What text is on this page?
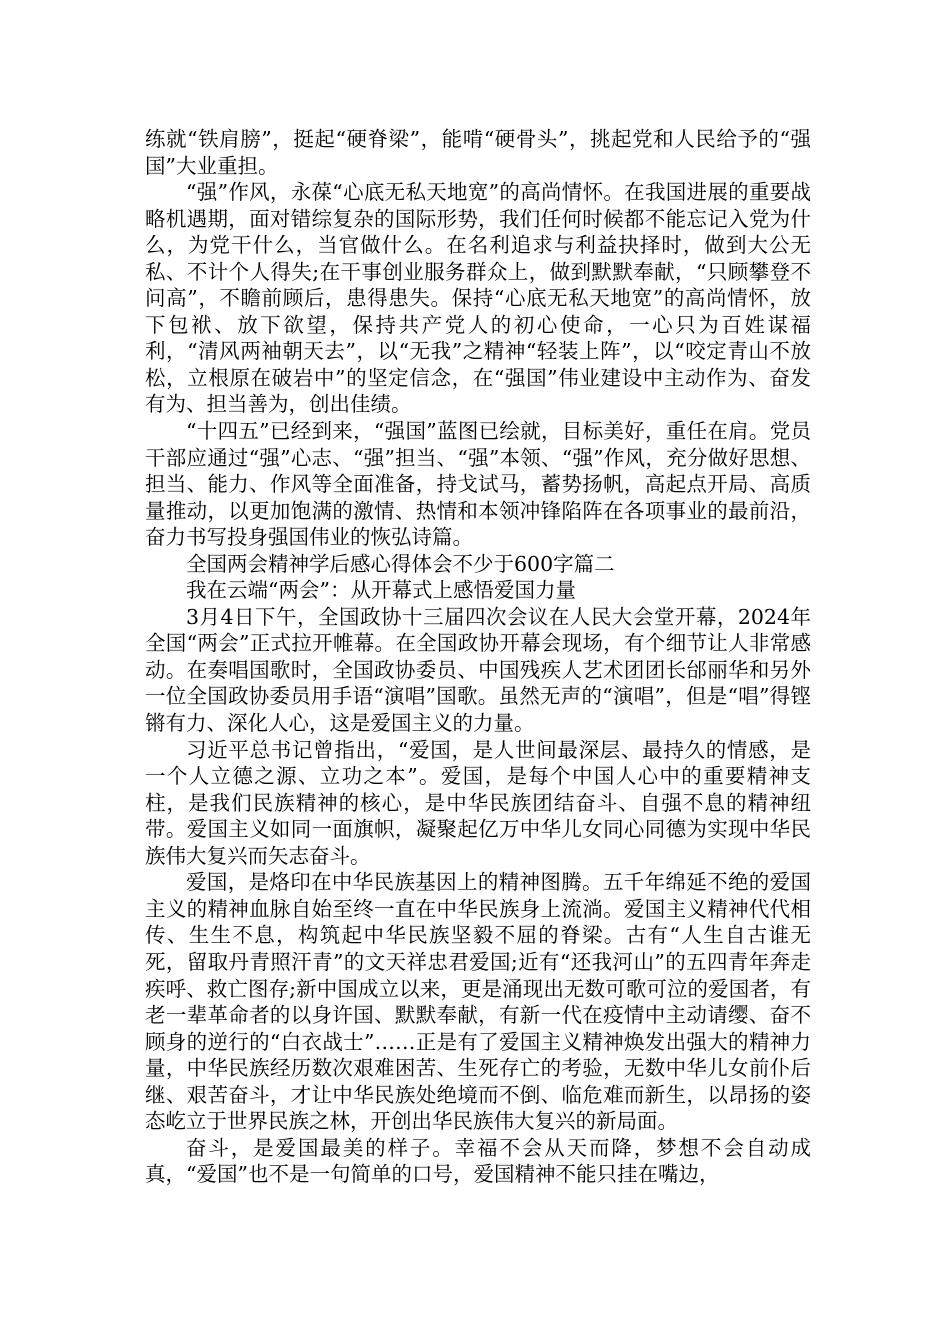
练就“铁肩膀”，挺起“硬脊梁”，能啃“硬骨头”，挑起党和人民给予的“强国”大业重担。

“强”作风，永葆“心底无私天地宽”的高尚情怀。在我国进展的重要战略机遇期，面对错综复杂的国际形势，我们任何时候都不能忘记入党为什么，为党干什么，当官做什么。在名利追求与利益抉择时，做到大公无私、不计个人得失;在干事创业服务群众上，做到默默奉献，“只顾攀登不问高”，不瞻前顾后，患得患失。保持“心底无私天地宽”的高尚情怀，放下包袱、放下欲望，保持共产党人的初心使命，一心只为百姓谋福利，“清风两袖朝天去”，以“无我”之精神“轻装上阵”，以“咬定青山不放松，立根原在破岩中”的坚定信念，在“强国”伟业建设中主动作为、奋发有为、担当善为，创出佳绩。

“十四五”已经到来，“强国”蓝图已绘就，目标美好，重任在肩。党员干部应通过“强”心志、“强”担当、“强”本领、“强”作风，充分做好思想、担当、能力、作风等全面准备，持戈试马，蓄势扬帆，高起点开局、高质量推动，以更加饱满的激情、热情和本领冲锋陷阵在各项事业的最前沿，奋力书写投身强国伟业的恢弘诗篇。

全国两会精神学后感心得体会不少于600字篇二

我在云端“两会”：从开幕式上感悟爱国力量

3月4日下午，全国政协十三届四次会议在人民大会堂开幕，2024年全国“两会”正式拉开帷幕。在全国政协开幕会现场，有个细节让人非常感动。在奏唱国歌时，全国政协委员、中国残疾人艺术团团长邰丽华和另外一位全国政协委员用手语“演唱”国歌。虽然无声的“演唱”，但是“唱”得铿锵有力、深化人心，这是爱国主义的力量。

习近平总书记曾指出，“爱国，是人世间最深层、最持久的情感，是一个人立德之源、立功之本”。爱国，是每个中国人心中的重要精神支柱，是我们民族精神的核心，是中华民族团结奋斗、自强不息的精神纽带。爱国主义如同一面旗帜，凝聚起亿万中华儿女同心同德为实现中华民族伟大复兴而矢志奋斗。

爱国，是烙印在中华民族基因上的精神图腾。五千年绵延不绝的爱国主义的精神血脉自始至终一直在中华民族身上流淌。爱国主义精神代代相传、生生不息，构筑起中华民族坚毅不屈的脊梁。古有“人生自古谁无死，留取丹青照汗青”的文天祥忠君爱国;近有“还我河山”的五四青年奔走疾呼、救亡图存;新中国成立以来，更是涌现出无数可歌可泣的爱国者，有老一辈革命者的以身许国、默默奉献，有新一代在疫情中主动请缨、奋不顾身的逆行的“白衣战士”……正是有了爱国主义精神焕发出强大的精神力量，中华民族经历数次艰难困苦、生死存亡的考验，无数中华儿女前仆后继、艰苦奋斗，才让中华民族处绝境而不倒、临危难而新生，以昂扬的姿态屹立于世界民族之林，开创出华民族伟大复兴的新局面。

奋斗，是爱国最美的样子。幸福不会从天而降，梦想不会自动成真，“爱国”也不是一句简单的口号，爱国精神不能只挂在嘴边，
